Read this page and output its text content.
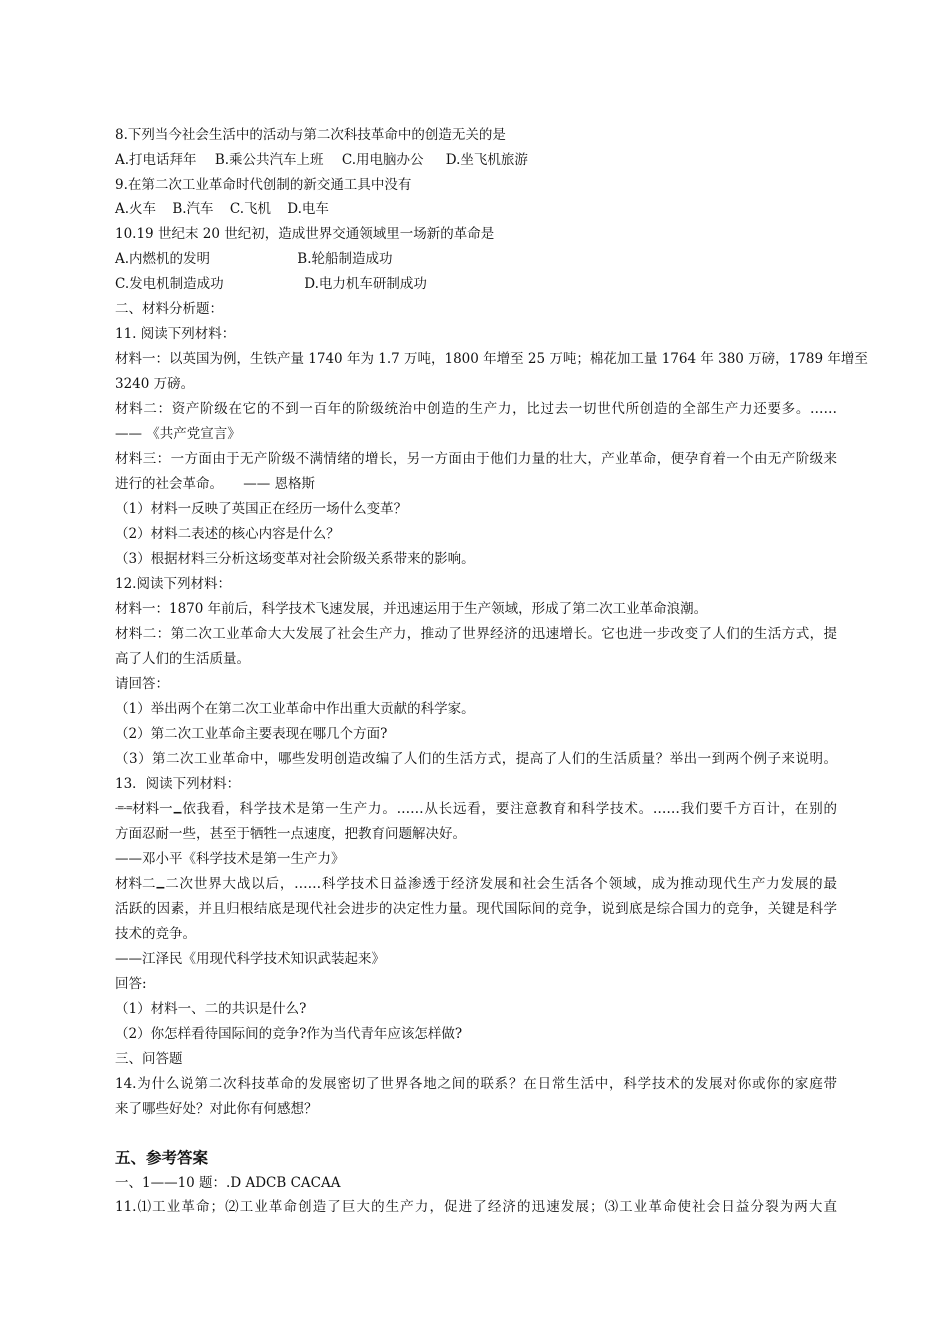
8.下列当今社会生活中的活动与第二次科技革命中的创造无关的是
A.打电话拜年 B.乘公共汽车上班 C.用电脑办公 D.坐飞机旅游
9.在第二次工业革命时代创制的新交通工具中没有
A.火车 B.汽车 C.飞机 D.电车
10.19 世纪末 20 世纪初，造成世界交通领域里一场新的革命是
A.内燃机的发明	B.轮船制造成功
C.发电机制造成功	D.电力机车研制成功
二、材料分析题：
11. 阅读下列材料：
材料一：以英国为例，生铁产量 1740 年为 1.7 万吨，1800 年增至 25 万吨；棉花加工量 1764 年 380 万磅，1789 年增至
3240 万磅。
材料二：资产阶级在它的不到一百年的阶级统治中创造的生产力，比过去一切世代所创造的全部生产力还要多。……
—— 《共产党宣言》
材料三：一方面由于无产阶级不满情绪的增长，另一方面由于他们力量的壮大，产业革命，便孕育着一个由无产阶级来
进行的社会革命。　　—— 恩格斯
（1）材料一反映了英国正在经历一场什么变革？
（2）材料二表述的核心内容是什么？
（3）根据材料三分析这场变革对社会阶级关系带来的影响。
12.阅读下列材料：
材料一：1870 年前后，科学技术飞速发展，并迅速运用于生产领域，形成了第二次工业革命浪潮。
材料二：第二次工业革命大大发展了社会生产力，推动了世界经济的迅速增长。它也进一步改变了人们的生活方式，提
高了人们的生活质量。
请回答：
（1）举出两个在第二次工业革命中作出重大贡献的科学家。
（2）第二次工业革命主要表现在哪几个方面?
（3）第二次工业革命中，哪些发明创造改编了人们的生活方式，提高了人们的生活质量？举出一到两个例子来说明。
13．阅读下列材料：
-=-= 材料一 ▁ 依我看，科学技术是第一生产力。……从长远看，要注意教育和科学技术。……我们要千方百计，在别的
方面忍耐一些，甚至于牺牲一点速度，把教育问题解决好。
——邓小平《科学技术是第一生产力》
材料二 ▁ 二次世界大战以后，……科学技术日益渗透于经济发展和社会生活各个领域，成为推动现代生产力发展的最
活跃的因素，并且归根结底是现代社会进步的决定性力量。现代国际间的竞争，说到底是综合国力的竞争，关键是科学
技术的竞争。
——江泽民《用现代科学技术知识武装起来》
回答:
（1）材料一、二的共识是什么?
（2）你怎样看待国际间的竞争?作为当代青年应该怎样做?
三、问答题
14.为什么说第二次科技革命的发展密切了世界各地之间的联系？在日常生活中，科学技术的发展对你或你的家庭带
来了哪些好处？对此你有何感想？
五、参考答案
一、1——10 题：.D ADCB CACAA
11.⑴工业革命；⑵工业革命创造了巨大的生产力，促进了经济的迅速发展；⑶工业革命使社会日益分裂为两大直
